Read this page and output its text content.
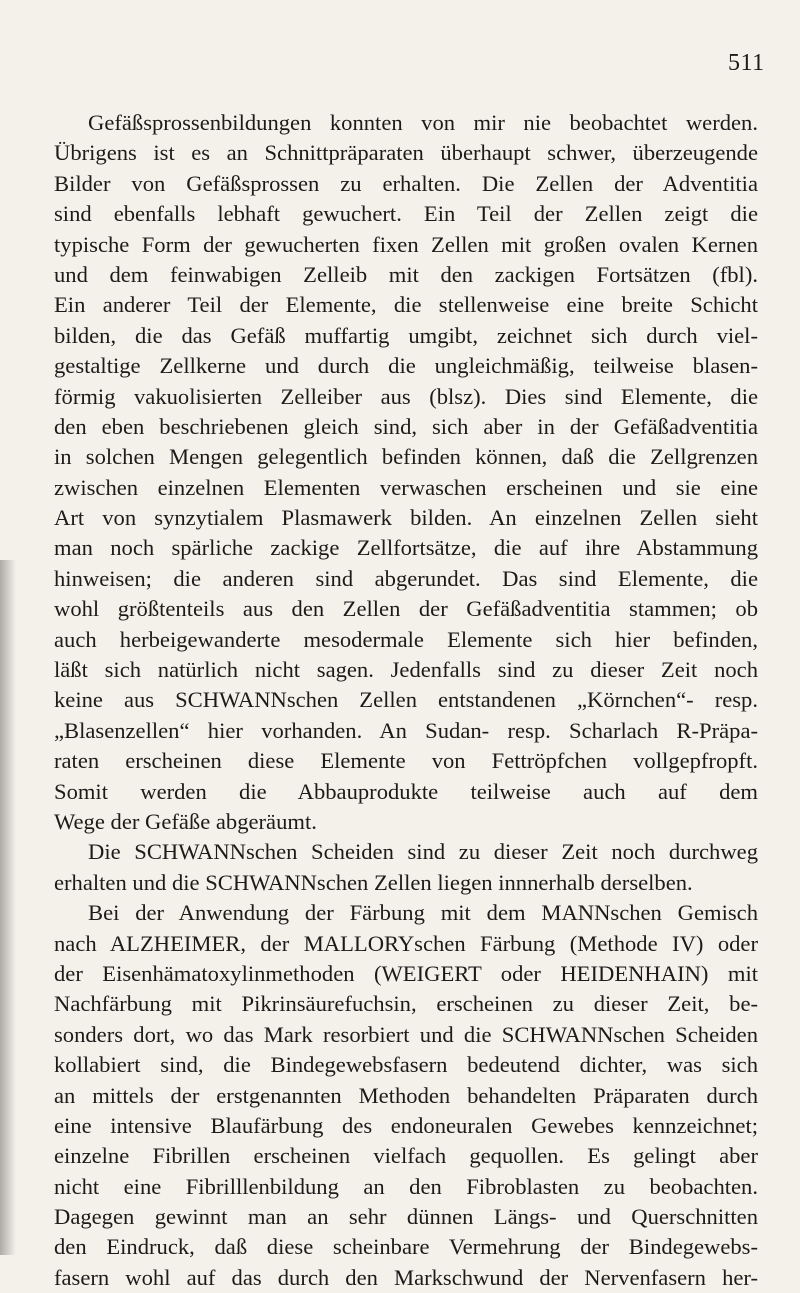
511
Gefäßsprossenbildungen konnten von mir nie beobachtet werden.
Übrigens ist es an Schnittpräparaten überhaupt schwer, überzeugende
Bilder von Gefäßsprossen zu erhalten. Die Zellen der Adventitia
sind ebenfalls lebhaft gewuchert. Ein Teil der Zellen zeigt die
typische Form der gewucherten fixen Zellen mit großen ovalen Kernen
und dem feinwabigen Zelleib mit den zackigen Fortsätzen (fbl).
Ein anderer Teil der Elemente, die stellenweise eine breite Schicht
bilden, die das Gefäß muffartig umgibt, zeichnet sich durch viel-
gestaltige Zellkerne und durch die ungleichmäßig, teilweise blasen-
förmig vakuolisierten Zelleiber aus (blsz). Dies sind Elemente, die
den eben beschriebenen gleich sind, sich aber in der Gefäßadventitia
in solchen Mengen gelegentlich befinden können, daß die Zellgrenzen
zwischen einzelnen Elementen verwaschen erscheinen und sie eine
Art von synzytialem Plasmawerk bilden. An einzelnen Zellen sieht
man noch spärliche zackige Zellfortsätze, die auf ihre Abstammung
hinweisen; die anderen sind abgerundet. Das sind Elemente, die
wohl größtenteils aus den Zellen der Gefäßadventitia stammen; ob
auch herbeigewanderte mesodermale Elemente sich hier befinden,
läßt sich natürlich nicht sagen. Jedenfalls sind zu dieser Zeit noch
keine aus SCHWANNschen Zellen entstandenen „Körnchen“- resp.
„Blasenzellen“ hier vorhanden. An Sudan- resp. Scharlach R-Präpa-
raten erscheinen diese Elemente von Fettröpfchen vollgepfropft.
Somit werden die Abbauprodukte teilweise auch auf dem
Wege der Gefäße abgeräumt.
Die SCHWANNschen Scheiden sind zu dieser Zeit noch durchweg
erhalten und die SCHWANNschen Zellen liegen innnerhalb derselben.
Bei der Anwendung der Färbung mit dem MANNschen Gemisch
nach ALZHEIMER, der MALLORYschen Färbung (Methode IV) oder
der Eisenhämatoxylinmethoden (WEIGERT oder HEIDENHAIN) mit
Nachfärbung mit Pikrinsäurefuchsin, erscheinen zu dieser Zeit, be-
sonders dort, wo das Mark resorbiert und die SCHWANNschen Scheiden
kollabiert sind, die Bindegewebsfasern bedeutend dichter, was sich
an mittels der erstgenannten Methoden behandelten Präparaten durch
eine intensive Blaufärbung des endoneuralen Gewebes kennzeichnet;
einzelne Fibrillen erscheinen vielfach gequollen. Es gelingt aber
nicht eine Fibrilllenbildung an den Fibroblasten zu beobachten.
Dagegen gewinnt man an sehr dünnen Längs- und Querschnitten
den Eindruck, daß diese scheinbare Vermehrung der Bindegewebs-
fasern wohl auf das durch den Markschwund der Nervenfasern her-
